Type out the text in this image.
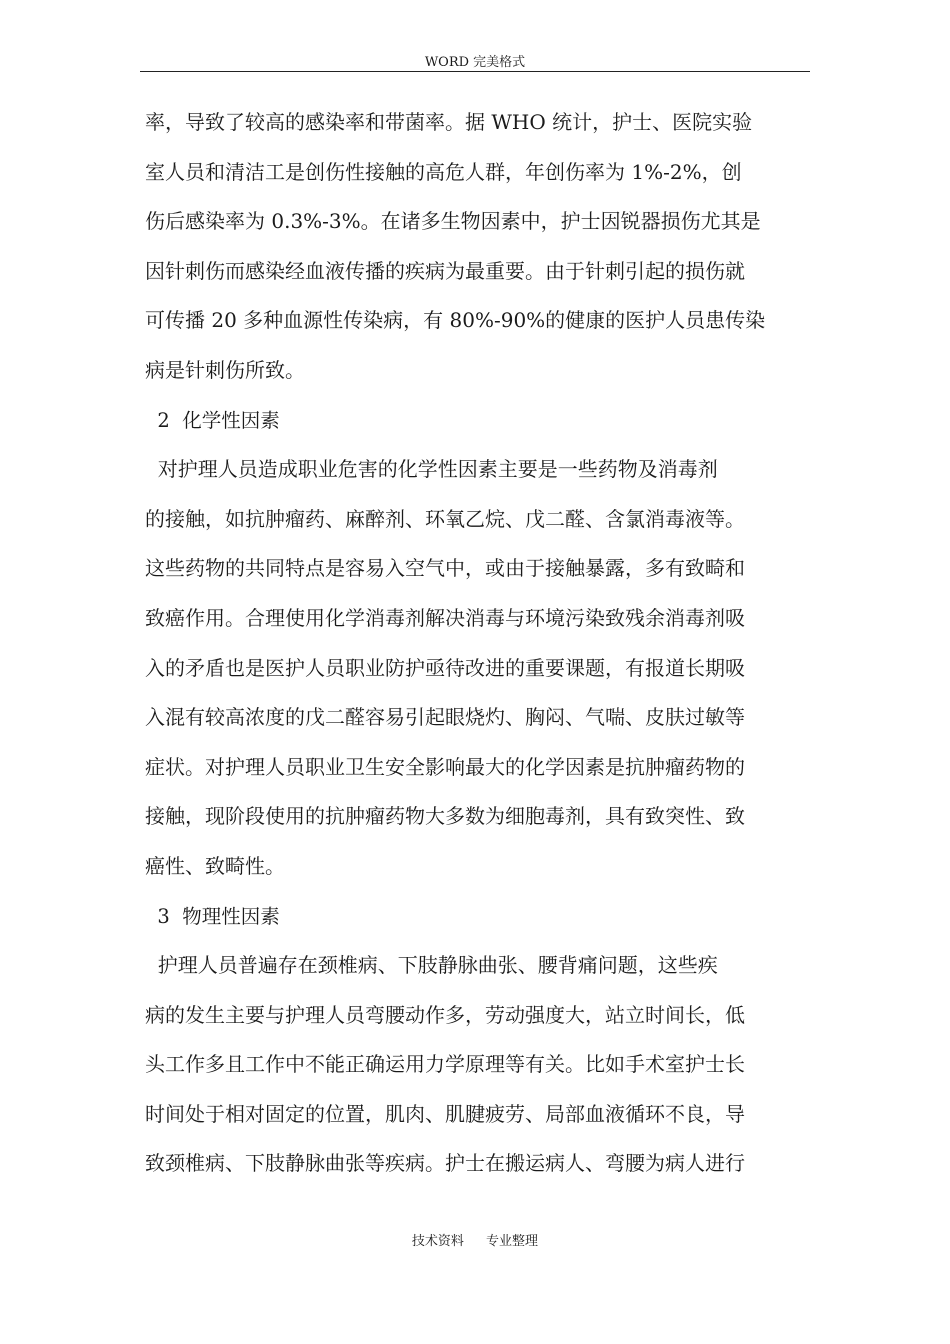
WORD 完美格式
率，导致了较高的感染率和带菌率。据 WHO 统计，护士、医院实验
室人员和清洁工是创伤性接触的高危人群，年创伤率为 1%-2%，创
伤后感染率为 0.3%-3%。在诸多生物因素中，护士因锐器损伤尤其是
因针刺伤而感染经血液传播的疾病为最重要。由于针刺引起的损伤就
可传播 20 多种血源性传染病，有 80%-90%的健康的医护人员患传染
病是针刺伤所致。
2  化学性因素
对护理人员造成职业危害的化学性因素主要是一些药物及消毒剂
的接触，如抗肿瘤药、麻醉剂、环氧乙烷、戊二醛、含氯消毒液等。
这些药物的共同特点是容易入空气中，或由于接触暴露，多有致畸和
致癌作用。合理使用化学消毒剂解决消毒与环境污染致残余消毒剂吸
入的矛盾也是医护人员职业防护亟待改进的重要课题，有报道长期吸
入混有较高浓度的戊二醛容易引起眼烧灼、胸闷、气喘、皮肤过敏等
症状。对护理人员职业卫生安全影响最大的化学因素是抗肿瘤药物的
接触，现阶段使用的抗肿瘤药物大多数为细胞毒剂，具有致突性、致
癌性、致畸性。
3  物理性因素
护理人员普遍存在颈椎病、下肢静脉曲张、腰背痛问题，这些疾
病的发生主要与护理人员弯腰动作多，劳动强度大，站立时间长，低
头工作多且工作中不能正确运用力学原理等有关。比如手术室护士长
时间处于相对固定的位置，肌肉、肌腱疲劳、局部血液循环不良，导
致颈椎病、下肢静脉曲张等疾病。护士在搬运病人、弯腰为病人进行
技术资料 专业整理
